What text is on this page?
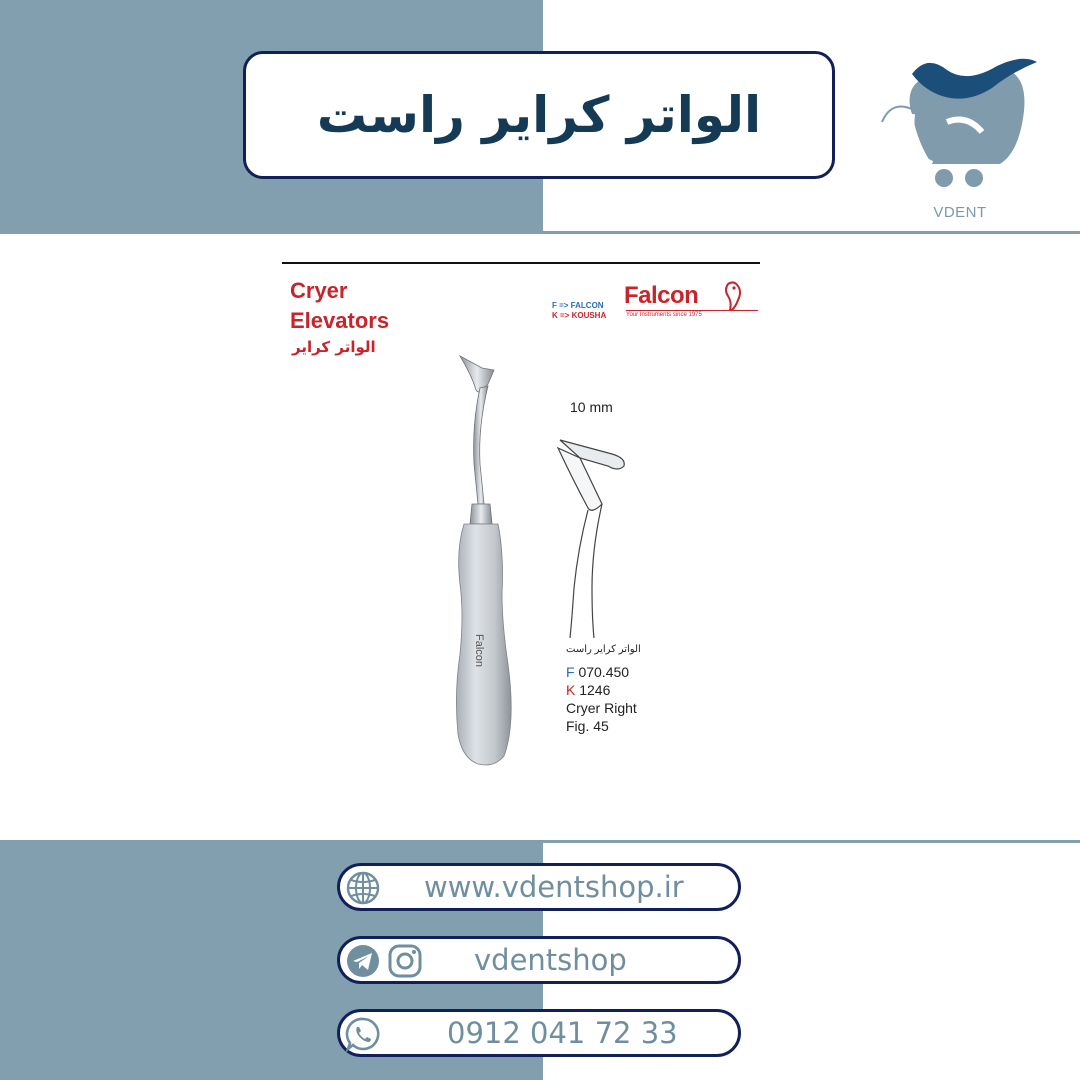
الواتر کرایر راست
VDENT
Cryer
Elevators
الواتر کرایر
F => FALCON
K => KOUSHA
Falcon
Your Instruments since 1975
Falcon
10 mm
الواتر کرایر راست
F 070.450
K 1246
Cryer Right
Fig. 45
www.vdentshop.ir
vdentshop
0912 041 72 33
